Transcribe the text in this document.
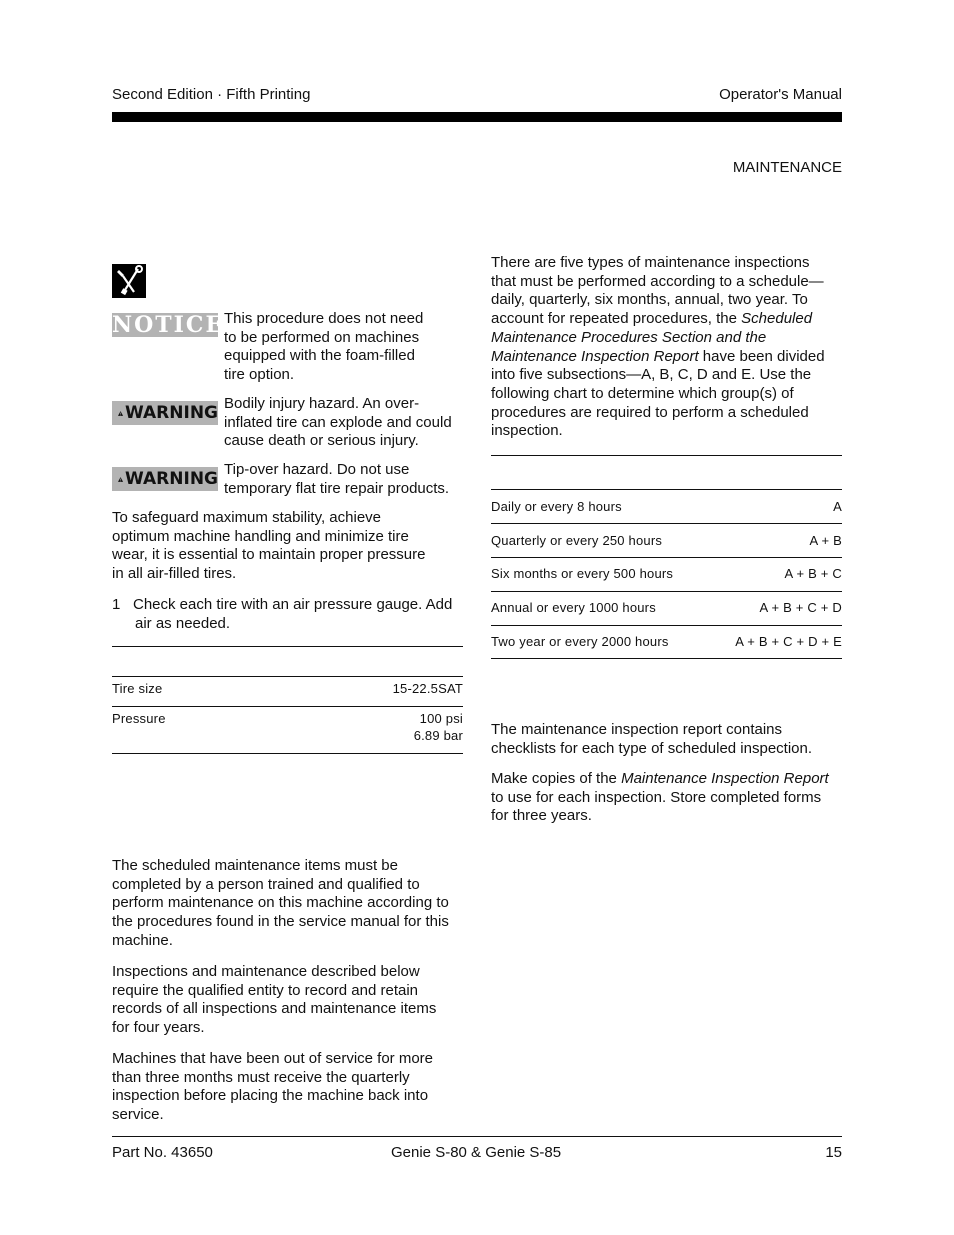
Second Edition · Fifth Printing	Operator's Manual
MAINTENANCE
NOTICE This procedure does not need

to be performed on machines

equipped with the foam-filled

tire option.

WARNING Bodily injury hazard. An over-

inflated tire can explode and could

cause death or serious injury.

WARNING Tip-over hazard. Do not use

temporary flat tire repair products.

To safeguard maximum stability, achieve

optimum machine handling and minimize tire

wear, it is essential to maintain proper pressure

in all air-filled tires.

1 Check each tire with an air pressure gauge. Add

air as needed.

Tire size	15-22.5SAT
Pressure	100 psi
6.89 bar

The scheduled maintenance items must be

completed by a person trained and qualified to

perform maintenance on this machine according to

the procedures found in the service manual for this

machine.

Inspections and maintenance described below

require the qualified entity to record and retain

records of all inspections and maintenance items

for four years.

Machines that have been out of service for more

than three months must receive the quarterly

inspection before placing the machine back into

service.

There are five types of maintenance inspections

that must be performed according to a schedule—

daily, quarterly, six months, annual, two year. To

account for repeated procedures, the Scheduled

Maintenance Procedures Section and the

Maintenance Inspection Report have been divided

into five subsections—A, B, C, D and E. Use the

following chart to determine which group(s) of

procedures are required to perform a scheduled

inspection.

Daily or every 8 hours	A
Quarterly or every 250 hours	A + B
Six months or every 500 hours	A + B + C
Annual or every 1000 hours	A + B + C + D
Two year or every 2000 hours	A + B + C + D + E

The maintenance inspection report contains

checklists for each type of scheduled inspection.

Make copies of the Maintenance Inspection Report

to use for each inspection. Store completed forms

for three years.

Part No. 43650	Genie S-80 & Genie S-85	15
